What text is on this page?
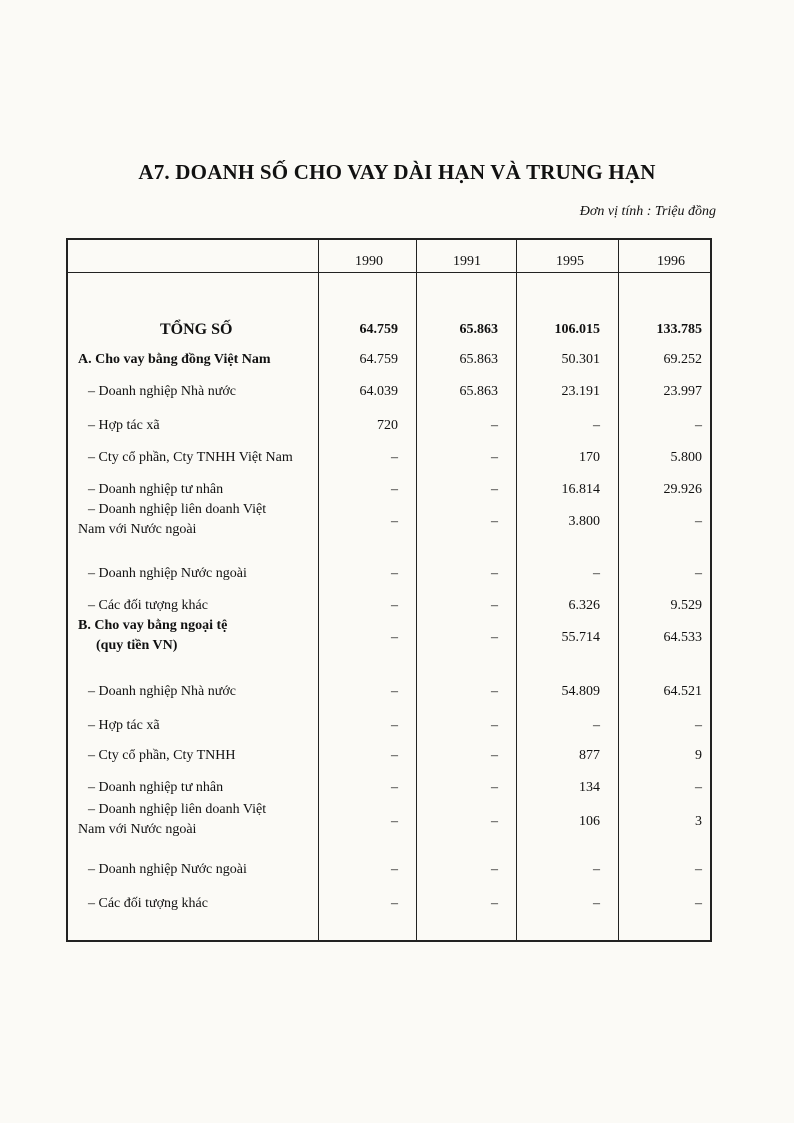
A7. DOANH SỐ CHO VAY DÀI HẠN VÀ TRUNG HẠN
Đơn vị tính : Triệu đồng
1990	1991	1995	1996
TỔNG SỐ	64.759	65.863	106.015	133.785
A. Cho vay bằng đồng Việt Nam	64.759	65.863	50.301	69.252
– Doanh nghiệp Nhà nước	64.039	65.863	23.191	23.997
– Hợp tác xã	720	–	–	–
– Cty cổ phần, Cty TNHH Việt Nam	–	–	170	5.800
– Doanh nghiệp tư nhân	–	–	16.814	29.926
– Doanh nghiệp liên doanh Việt
Nam với Nước ngoài
–	–	3.800	–
– Doanh nghiệp Nước ngoài	–	–	–	–
– Các đối tượng khác	–	–	6.326	9.529
B. Cho vay bằng ngoại tệ
(quy tiền VN)
–	–	55.714	64.533
– Doanh nghiệp Nhà nước	–	–	54.809	64.521
– Hợp tác xã	–	–	–	–
– Cty cổ phần, Cty TNHH	–	–	877	9
– Doanh nghiệp tư nhân	–	–	134	–
– Doanh nghiệp liên doanh Việt
Nam với Nước ngoài
–	–	106	3
– Doanh nghiệp Nước ngoài	–	–	–	–
– Các đối tượng khác	–	–	–	–
